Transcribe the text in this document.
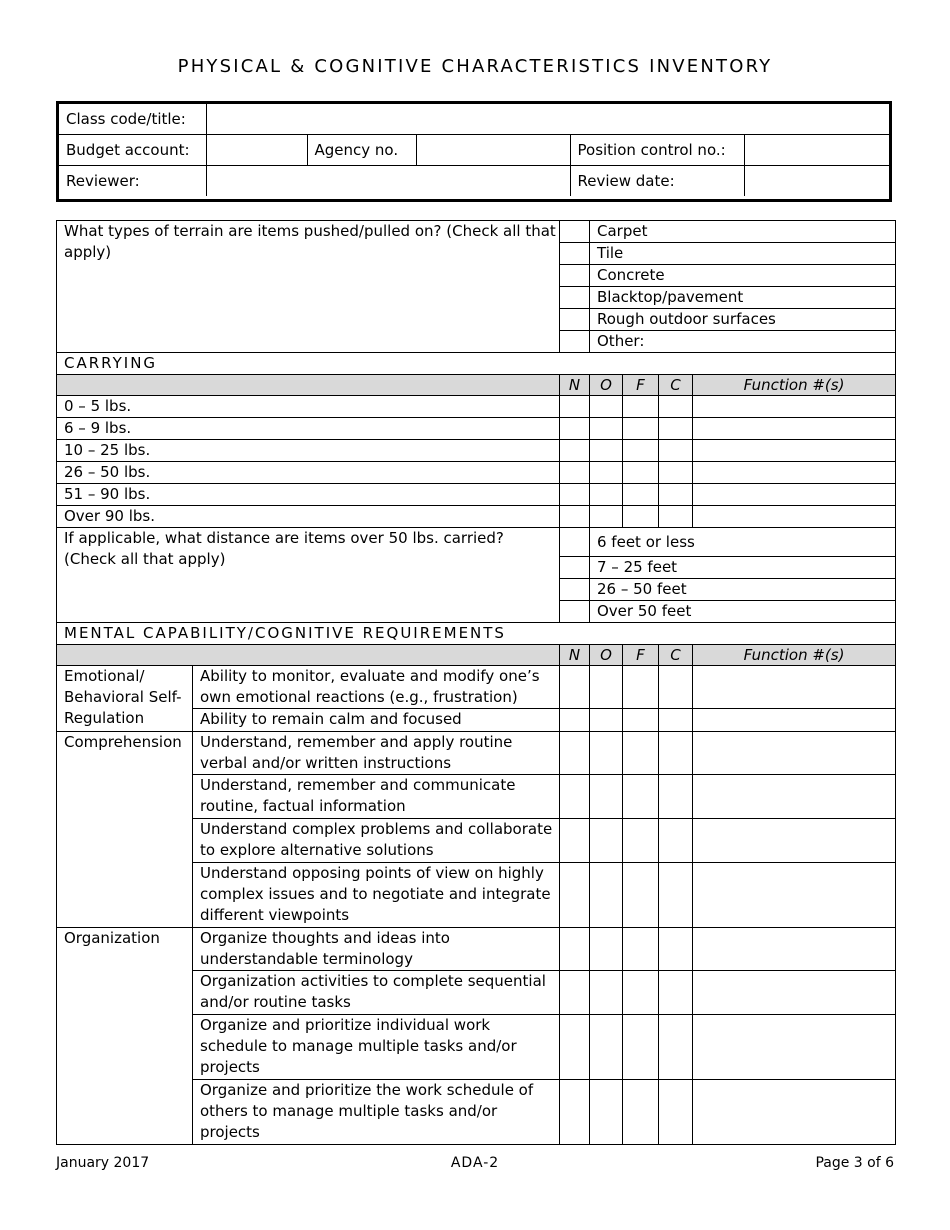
PHYSICAL & COGNITIVE CHARACTERISTICS INVENTORY
Class code/title:					
Budget account:		Agency no.		Position control no.:	
Reviewer:				Review date:	
What types of terrain are items pushed/pulled on? (Check all that apply)			Carpet			
			Tile			
			Concrete			
			Blacktop/pavement			
			Rough outdoor surfaces			
			Other:			
CARRYING						
		N	O	F	C	Function #(s)
0 – 5 lbs.						
6 – 9 lbs.						
10 – 25 lbs.						
26 – 50 lbs.						
51 – 90 lbs.						
Over 90 lbs.						
If applicable, what distance are items over 50 lbs. carried? (Check all that apply)			6 feet or less			
			7 – 25 feet			
			26 – 50 feet			
			Over 50 feet			
MENTAL CAPABILITY/COGNITIVE REQUIREMENTS						
		N	O	F	C	Function #(s)
Emotional/ Behavioral Self-Regulation	Ability to monitor, evaluate and modify one’s own emotional reactions (e.g., frustration)					
	Ability to remain calm and focused					
Comprehension	Understand, remember and apply routine verbal and/or written instructions					
	Understand, remember and communicate routine, factual information					
	Understand complex problems and collaborate to explore alternative solutions					
	Understand opposing points of view on highly complex issues and to negotiate and integrate different viewpoints					
Organization	Organize thoughts and ideas into understandable terminology					
	Organization activities to complete sequential and/or routine tasks					
	Organize and prioritize individual work schedule to manage multiple tasks and/or projects					
	Organize and prioritize the work schedule of others to manage multiple tasks and/or projects					
January 2017	ADA-2	Page 3 of 6
